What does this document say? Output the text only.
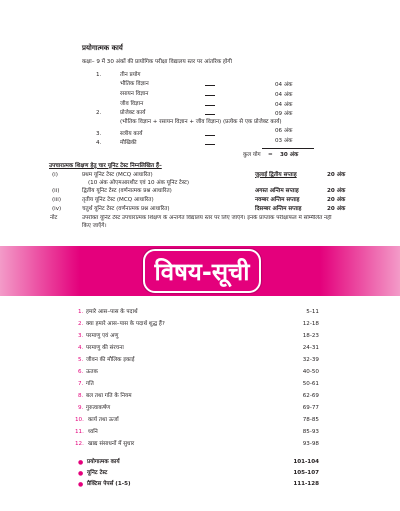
प्रयोगात्मक कार्य
कक्षा– 9 में 30 अंकों की प्रायोगिक परीक्षा विद्यालय स्तर पर आंतरिक होगी
1.	तीन प्रयोग
भौतिक विज्ञान	04 अंक
रसायन विज्ञान	04 अंक
जीव विज्ञान	04 अंक
2.	प्रोजेक्ट कार्य	09 अंक
(भौतिक विज्ञान + रसायन विज्ञान + जीव विज्ञान) (प्रत्येक से एक प्रोजेक्ट कार्य)
3.	सत्रीय कार्य	06 अंक
4.	मौखिकी	03 अंक
कुल योग = 30 अंक
उपचारात्मक शिक्षण हेतु चार यूनिट टेस्ट निम्नलिखित हैं–
(i)	प्रथम यूनिट टेस्ट (MCQ आधारित)	जुलाई द्वितीय सप्ताह	20 अंक
(10 अंक ओएमआरशीट एवं 10 अंक यूनिट टेस्ट)
(ii)	द्वितीय यूनिट टेस्ट (वर्णनात्मक प्रश्न आधारित)	अगस्त अन्तिम सप्ताह	20 अंक
(iii)	तृतीय यूनिट टेस्ट (MCQ आधारित)	नवम्बर अन्तिम सप्ताह	20 अंक
(iv)	चतुर्थ यूनिट टेस्ट (वर्णनात्मक प्रश्न आधारित)	दिसम्बर अन्तिम सप्ताह	20 अंक
नोट	उपरोक्त यूनिट टेस्ट उपचारात्मक शिक्षण के अन्तर्गत विद्यालय स्तर पर लिए जाएँगे। इनके प्राप्तांक परीक्षाफल में सम्मिलित नहीं
किए जाएँगे।
विषय-सूची
1. हमारे आस–पास के पदार्थ	5-11
2. क्या हमारे आस–पास के पदार्थ शुद्ध हैं?	12-18
3. परमाणु एवं अणु	18-23
4. परमाणु की संरचना	24-31
5. जीवन की मौलिक इकाई	32-39
6. ऊतक	40-50
7. गति	50-61
8. बल तथा गति के नियम	62-69
9. गुरुत्वाकर्षण	69-77
10. कार्य तथा ऊर्जा	78-85
11. ध्वनि	85-93
12. खाद्य संसाधनों में सुधार	93-98
● प्रयोगात्मक कार्य	101-104
● यूनिट टेस्ट	105-107
● प्रैक्टिस पेपर्स (1-5)	111-128
